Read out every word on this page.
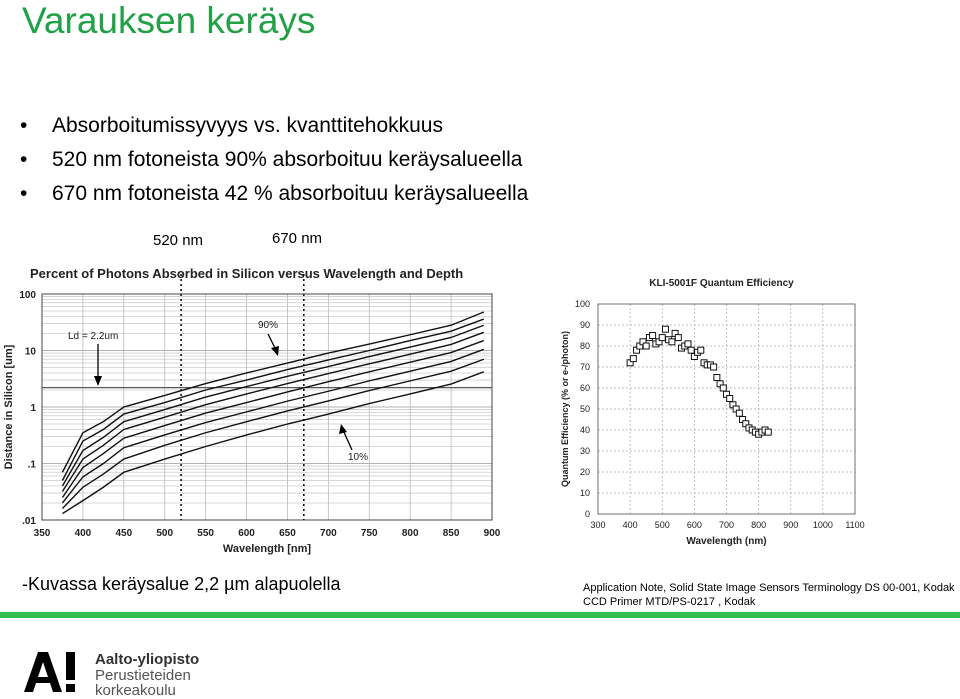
Varauksen keräys
• Absorboitumissyvyys vs. kvanttitehokkuus
• 520 nm fotoneista 90% absorboituu keräysalueella
• 670 nm fotoneista 42 % absorboituu keräysalueella
520 nm	670 nm
Percent of Photons Absorbed in Silicon versus Wavelength and Depth
350 400 450 500 550 600 650 700 750 800 850 900
100
10
1
.1
.01
Wavelength [nm]
Distance in Silicon [um]
Ld = 2.2um
90%
10%
KLI-5001F Quantum Efficiency
0
10
20
30
40
50
60
70
80
90
100
300 400 500 600 700 800 900 1000 1100
Wavelength (nm)
Quantum Efficiency (% or e-/photon)
-Kuvassa keräysalue 2,2 µm alapuolella	Application Note, Solid State Image Sensors Terminology DS 00-001, Kodak
CCD Primer MTD/PS-0217 , Kodak
Aalto-yliopisto
Perustieteiden
korkeakoulu
